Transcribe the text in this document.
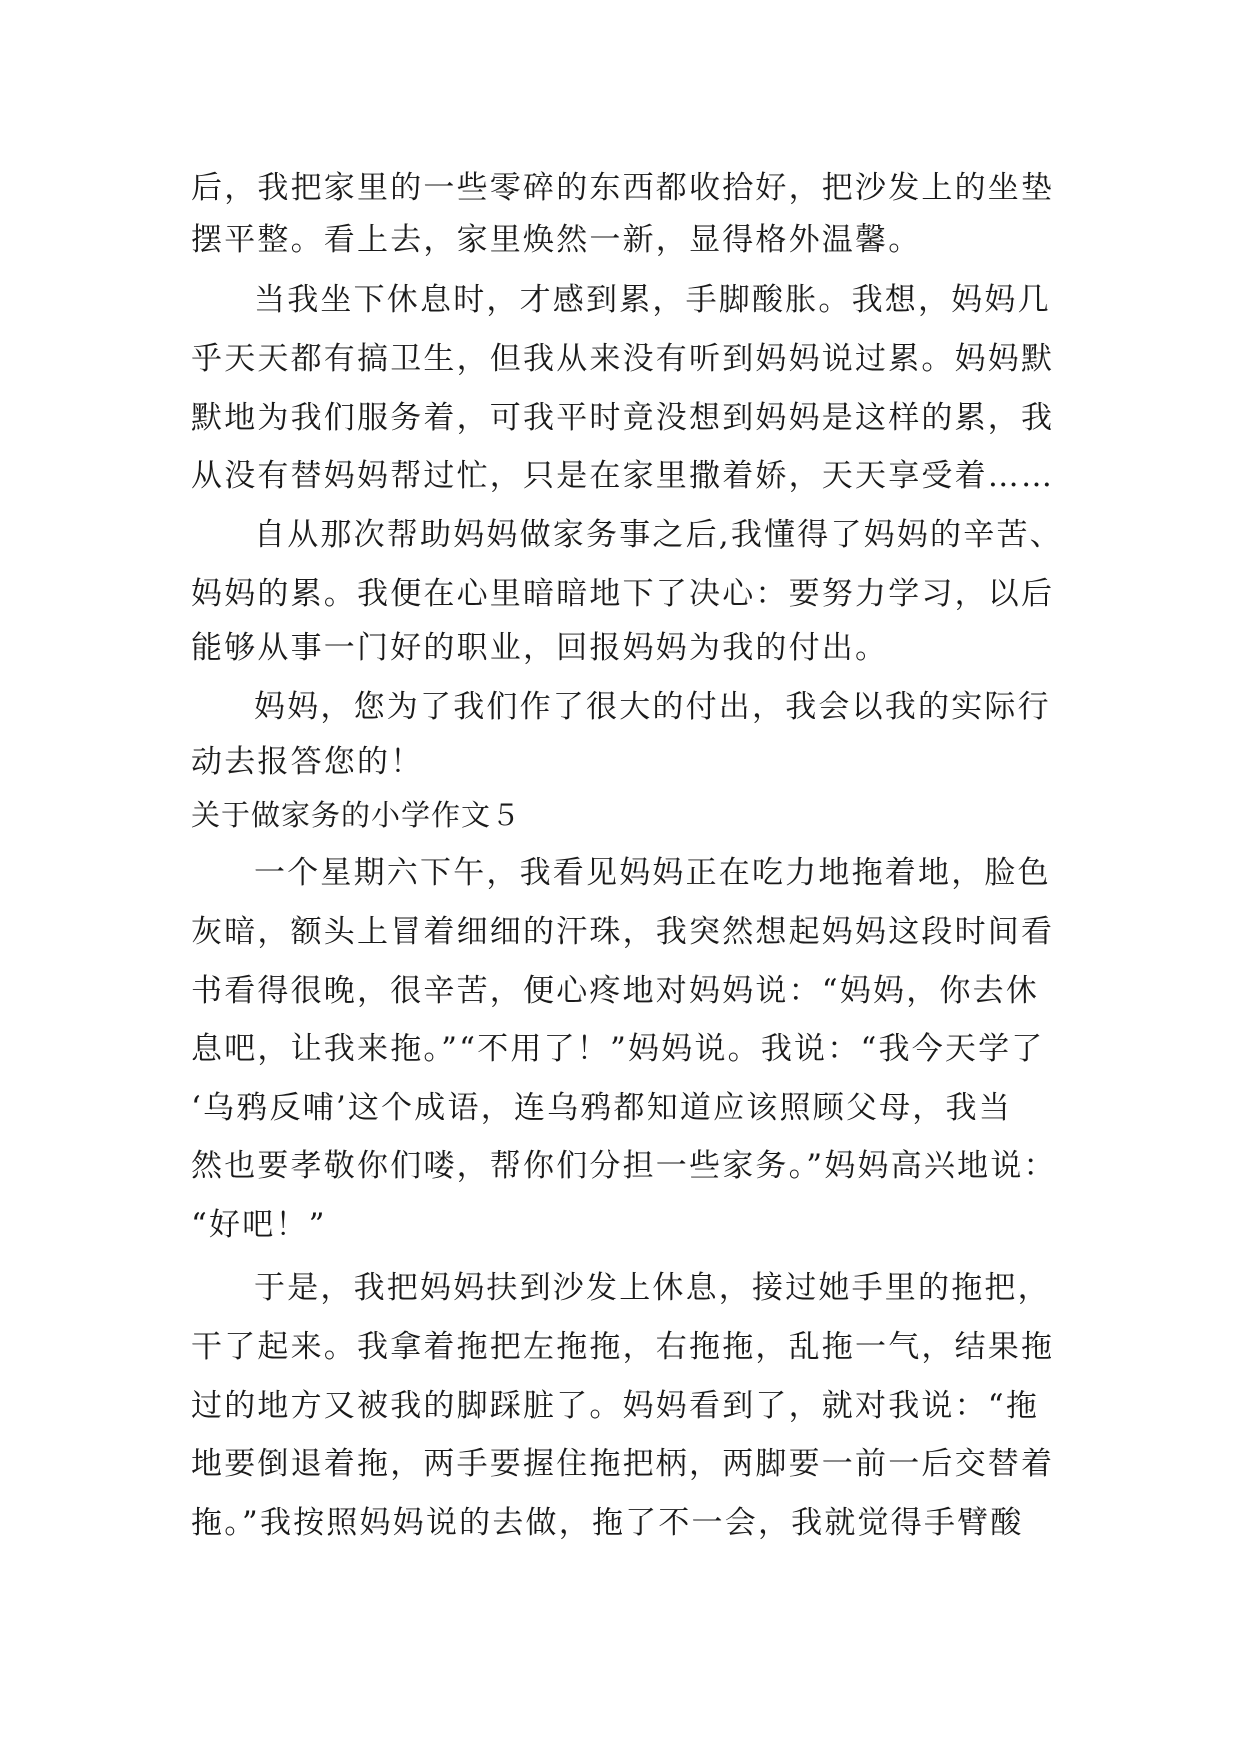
后，我把家里的一些零碎的东西都收拾好，把沙发上的坐垫
摆平整。看上去，家里焕然一新，显得格外温馨。
当我坐下休息时，才感到累，手脚酸胀。我想，妈妈几
乎天天都有搞卫生，但我从来没有听到妈妈说过累。妈妈默
默地为我们服务着，可我平时竟没想到妈妈是这样的累，我
从没有替妈妈帮过忙，只是在家里撒着娇，天天享受着……
自从那次帮助妈妈做家务事之后,我懂得了妈妈的辛苦、
妈妈的累。我便在心里暗暗地下了决心：要努力学习，以后
能够从事一门好的职业，回报妈妈为我的付出。
妈妈，您为了我们作了很大的付出，我会以我的实际行
动去报答您的！
关于做家务的小学作文５
一个星期六下午，我看见妈妈正在吃力地拖着地，脸色
灰暗，额头上冒着细细的汗珠，我突然想起妈妈这段时间看
书看得很晚，很辛苦，便心疼地对妈妈说：“妈妈，你去休
息吧，让我来拖。”“不用了！”妈妈说。我说：“我今天学了
‘乌鸦反哺’这个成语，连乌鸦都知道应该照顾父母，我当
然也要孝敬你们喽，帮你们分担一些家务。”妈妈高兴地说：
“好吧！”
于是，我把妈妈扶到沙发上休息，接过她手里的拖把，
干了起来。我拿着拖把左拖拖，右拖拖，乱拖一气，结果拖
过的地方又被我的脚踩脏了。妈妈看到了，就对我说：“拖
地要倒退着拖，两手要握住拖把柄，两脚要一前一后交替着
拖。”我按照妈妈说的去做，拖了不一会，我就觉得手臂酸
